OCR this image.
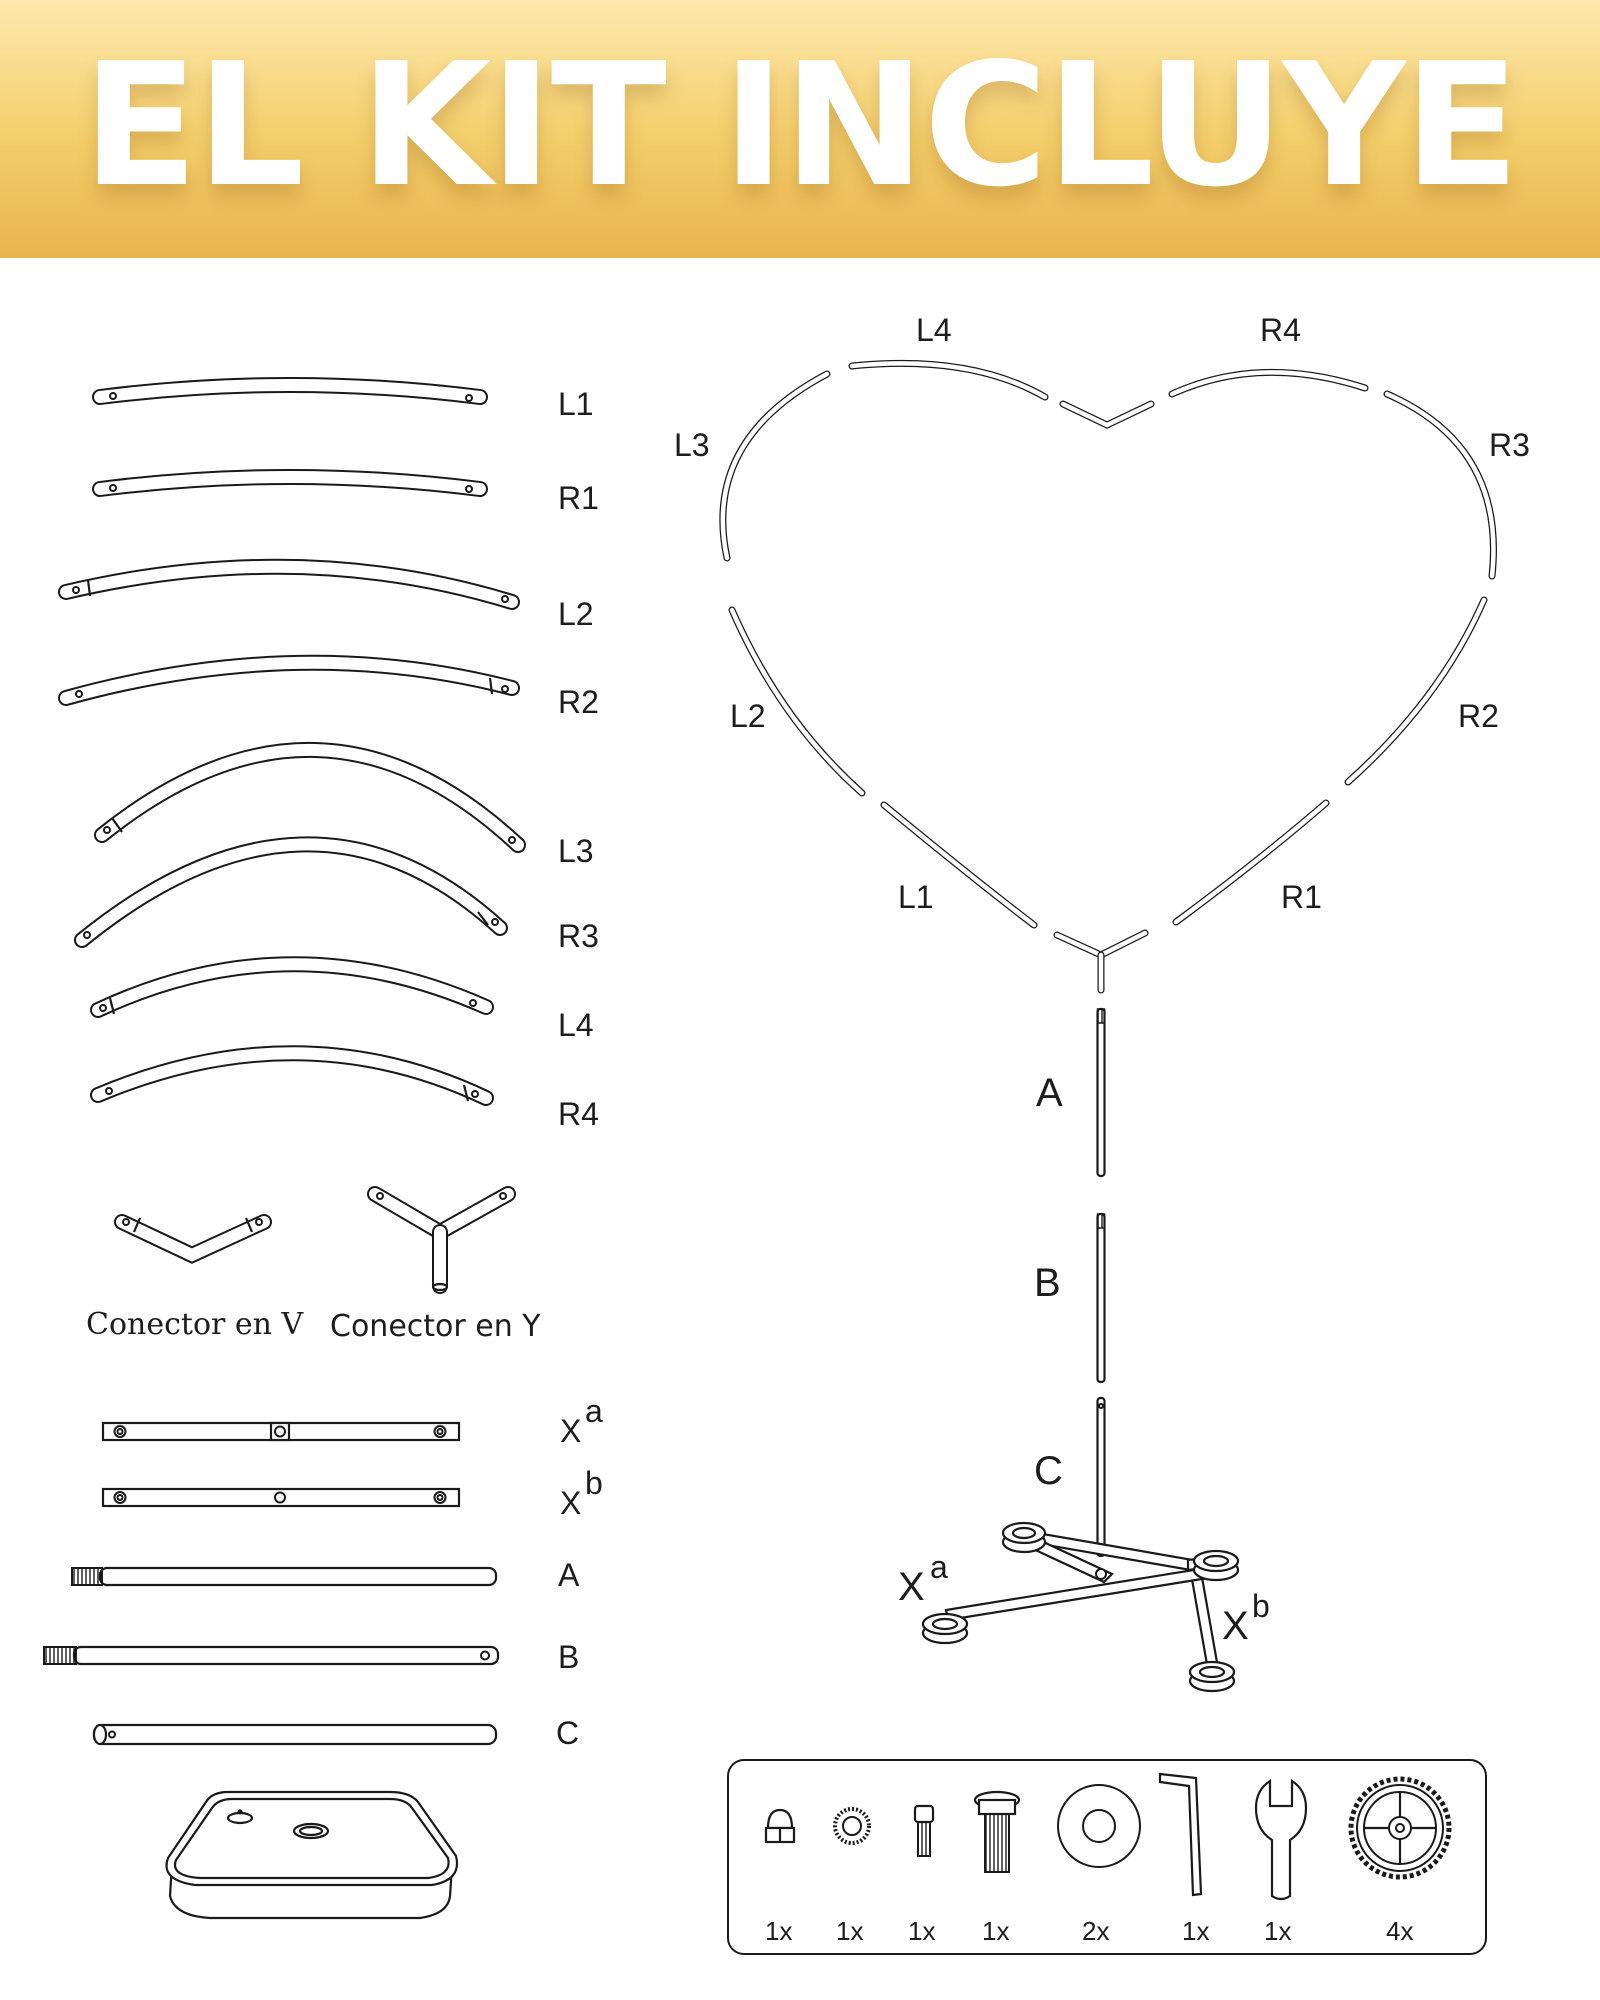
EL KIT INCLUYE
L1
R1
L2
R2
L3
R3
L4
R4
Conector en V Conector en Y
X
a
X
b
A
B
C
L4	R4
L3	R3
L2	R2
L1	R1
A
B
C
X a
X b
1x 1x 1x 1x	2x	1x 1x	4x
